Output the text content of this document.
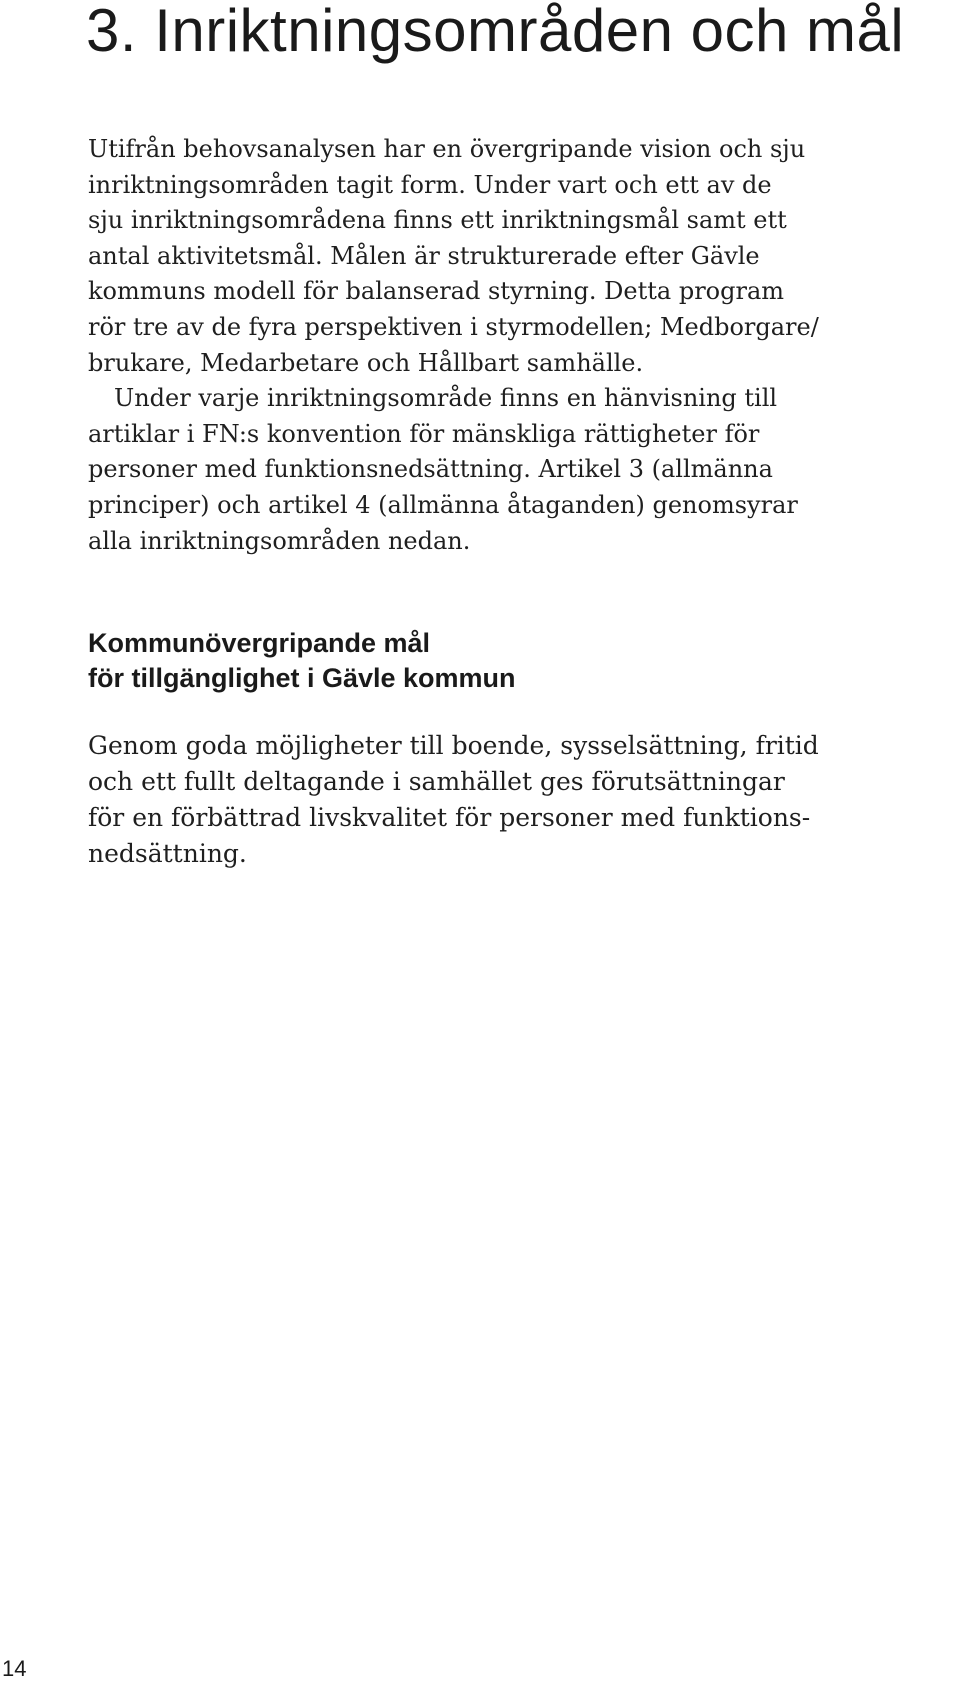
3. Inriktningsområden och mål
Utifrån behovsanalysen har en övergripande vision och sju
inriktningsområden tagit form. Under vart och ett av de
sju inriktningsområdena finns ett inriktningsmål samt ett
antal aktivitetsmål. Målen är strukturerade efter Gävle
kommuns modell för balanserad styrning. Detta program
rör tre av de fyra perspektiven i styrmodellen; Medborgare/
brukare, Medarbetare och Hållbart samhälle.
Under varje inriktningsområde finns en hänvisning till
artiklar i FN:s konvention för mänskliga rättigheter för
personer med funktionsnedsättning. Artikel 3 (allmänna
principer) och artikel 4 (allmänna åtaganden) genomsyrar
alla inriktningsområden nedan.
Kommunövergripande mål
för tillgänglighet i Gävle kommun
Genom goda möjligheter till boende, sysselsättning, fritid
och ett fullt deltagande i samhället ges förutsättningar
för en förbättrad livskvalitet för personer med funktions-
nedsättning.
14
